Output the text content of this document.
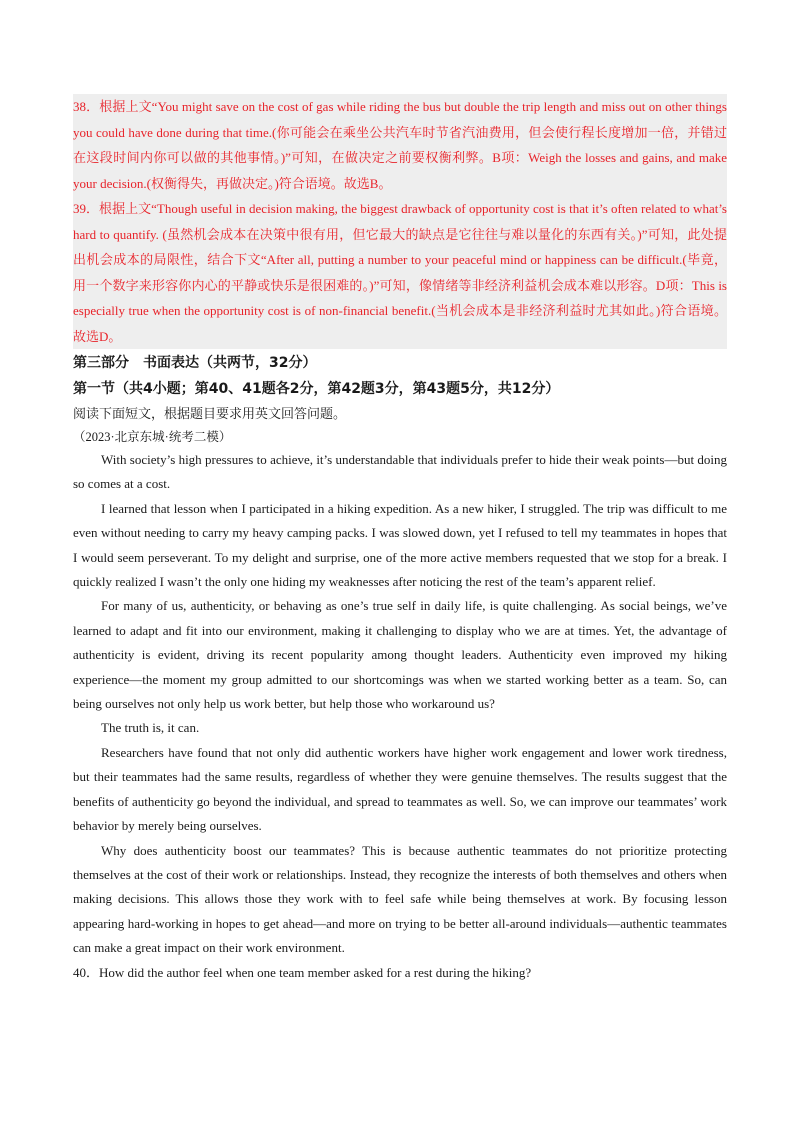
38．根据上文“You might save on the cost of gas while riding the bus but double the trip length and miss out on other things you could have done during that time.(你可能会在乘坐公共汽车时节省汽油费用，但会使行程长度增加一倍，并错过在这段时间内你可以做的其他事情。)”可知，在做决定之前要权衡利弊。B项：Weigh the losses and gains, and make your decision.(权衡得失，再做决定。)符合语境。故选B。

39．根据上文“Though useful in decision making, the biggest drawback of opportunity cost is that it’s often related to what’s hard to quantify. (虽然机会成本在决策中很有用，但它最大的缺点是它往往与难以量化的东西有关。)”可知，此处提出机会成本的局限性，结合下文“After all, putting a number to your peaceful mind or happiness can be difficult.(毕竟，用一个数字来形容你内心的平静或快乐是很困难的。)”可知，像情绪等非经济利益机会成本难以形容。D项：This is especially true when the opportunity cost is of non-financial benefit.(当机会成本是非经济利益时尤其如此。)符合语境。故选D。

第三部分　书面表达（共两节，32分）

第一节（共4小题；第40、41题各2分，第42题3分，第43题5分，共12分）

阅读下面短文，根据题目要求用英文回答问题。

（2023·北京东城·统考二模）

With society’s high pressures to achieve, it’s understandable that individuals prefer to hide their weak points—but doing so comes at a cost.

I learned that lesson when I participated in a hiking expedition. As a new hiker, I struggled. The trip was difficult to me even without needing to carry my heavy camping packs. I was slowed down, yet I refused to tell my teammates in hopes that I would seem perseverant. To my delight and surprise, one of the more active members requested that we stop for a break. I quickly realized I wasn’t the only one hiding my weaknesses after noticing the rest of the team’s apparent relief.

For many of us, authenticity, or behaving as one’s true self in daily life, is quite challenging. As social beings, we’ve learned to adapt and fit into our environment, making it challenging to display who we are at times. Yet, the advantage of authenticity is evident, driving its recent popularity among thought leaders. Authenticity even improved my hiking experience—the moment my group admitted to our shortcomings was when we started working better as a team. So, can being ourselves not only help us work better, but help those who workaround us?

The truth is, it can.

Researchers have found that not only did authentic workers have higher work engagement and lower work tiredness, but their teammates had the same results, regardless of whether they were genuine themselves. The results suggest that the benefits of authenticity go beyond the individual, and spread to teammates as well. So, we can improve our teammates’ work behavior by merely being ourselves.

Why does authenticity boost our teammates? This is because authentic teammates do not prioritize protecting themselves at the cost of their work or relationships. Instead, they recognize the interests of both themselves and others when making decisions. This allows those they work with to feel safe while being themselves at work. By focusing lesson appearing hard-working in hopes to get ahead—and more on trying to be better all-around individuals—authentic teammates can make a great impact on their work environment.

40．How did the author feel when one team member asked for a rest during the hiking?
